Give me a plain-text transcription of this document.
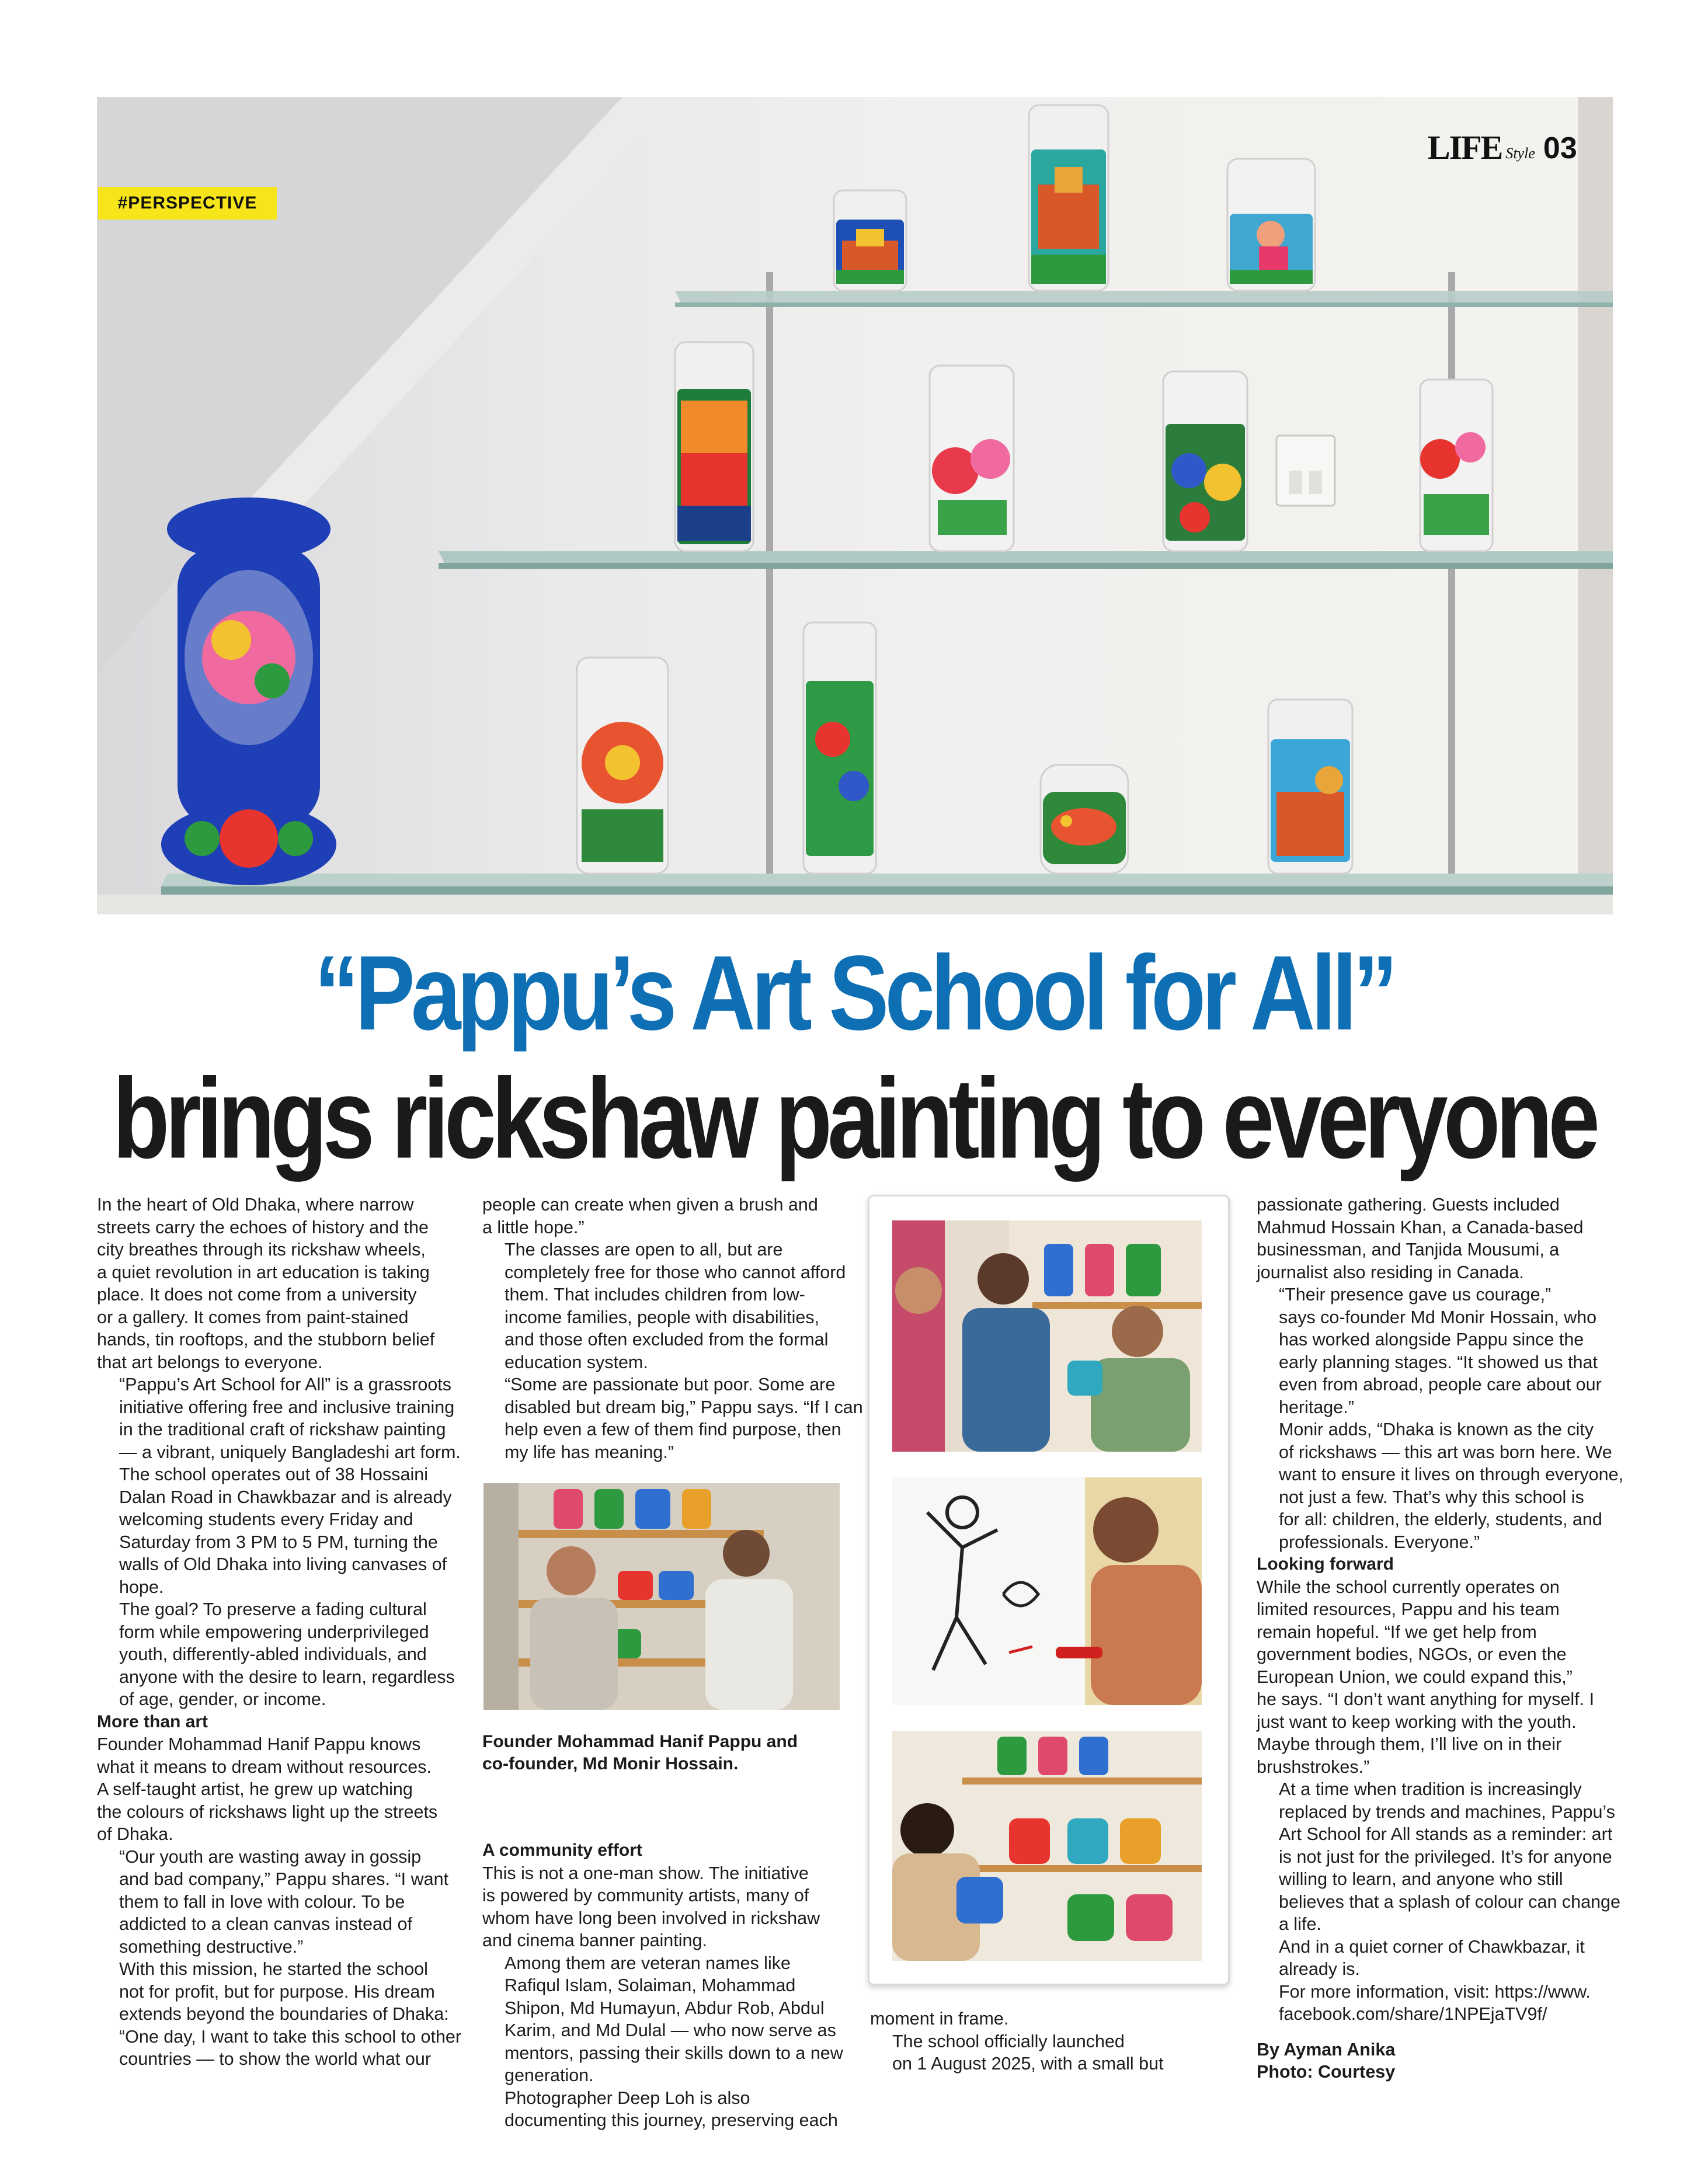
#PERSPECTIVE
LIFE Style 03
“Pappu’s Art School for All”
brings rickshaw painting to everyone

In the heart of Old Dhaka, where narrow
streets carry the echoes of history and the
city breathes through its rickshaw wheels,
a quiet revolution in art education is taking
place. It does not come from a university
or a gallery. It comes from paint-stained
hands, tin rooftops, and the stubborn belief
that art belongs to everyone.

“Pappu’s Art School for All” is a grassroots
initiative offering free and inclusive training
in the traditional craft of rickshaw painting
— a vibrant, uniquely Bangladeshi art form.
The school operates out of 38 Hossaini
Dalan Road in Chawkbazar and is already
welcoming students every Friday and
Saturday from 3 PM to 5 PM, turning the
walls of Old Dhaka into living canvases of
hope.

The goal? To preserve a fading cultural
form while empowering underprivileged
youth, differently-abled individuals, and
anyone with the desire to learn, regardless
of age, gender, or income.

More than art

Founder Mohammad Hanif Pappu knows
what it means to dream without resources.
A self-taught artist, he grew up watching
the colours of rickshaws light up the streets
of Dhaka.

“Our youth are wasting away in gossip
and bad company,” Pappu shares. “I want
them to fall in love with colour. To be
addicted to a clean canvas instead of
something destructive.”

With this mission, he started the school
not for profit, but for purpose. His dream
extends beyond the boundaries of Dhaka:
“One day, I want to take this school to other
countries — to show the world what our

people can create when given a brush and
a little hope.”

The classes are open to all, but are
completely free for those who cannot afford
them. That includes children from low-
income families, people with disabilities,
and those often excluded from the formal
education system.

“Some are passionate but poor. Some are
disabled but dream big,” Pappu says. “If I can
help even a few of them find purpose, then
my life has meaning.”

Founder Mohammad Hanif Pappu and
co-founder, Md Monir Hossain.
A community effort

This is not a one-man show. The initiative
is powered by community artists, many of
whom have long been involved in rickshaw
and cinema banner painting.

Among them are veteran names like
Rafiqul Islam, Solaiman, Mohammad
Shipon, Md Humayun, Abdur Rob, Abdul
Karim, and Md Dulal — who now serve as
mentors, passing their skills down to a new
generation.

Photographer Deep Loh is also
documenting this journey, preserving each

moment in frame.

The school officially launched
on 1 August 2025, with a small but

passionate gathering. Guests included
Mahmud Hossain Khan, a Canada-based
businessman, and Tanjida Mousumi, a
journalist also residing in Canada.

“Their presence gave us courage,”
says co-founder Md Monir Hossain, who
has worked alongside Pappu since the
early planning stages. “It showed us that
even from abroad, people care about our
heritage.”

Monir adds, “Dhaka is known as the city
of rickshaws — this art was born here. We
want to ensure it lives on through everyone,
not just a few. That’s why this school is
for all: children, the elderly, students, and
professionals. Everyone.”

Looking forward

While the school currently operates on
limited resources, Pappu and his team
remain hopeful. “If we get help from
government bodies, NGOs, or even the
European Union, we could expand this,”
he says. “I don’t want anything for myself. I
just want to keep working with the youth.
Maybe through them, I’ll live on in their
brushstrokes.”

At a time when tradition is increasingly
replaced by trends and machines, Pappu’s
Art School for All stands as a reminder: art
is not just for the privileged. It’s for anyone
willing to learn, and anyone who still
believes that a splash of colour can change
a life.

And in a quiet corner of Chawkbazar, it
already is.

For more information, visit: https://www.
facebook.com/share/1NPEjaTV9f/

By Ayman Anika
Photo: Courtesy
